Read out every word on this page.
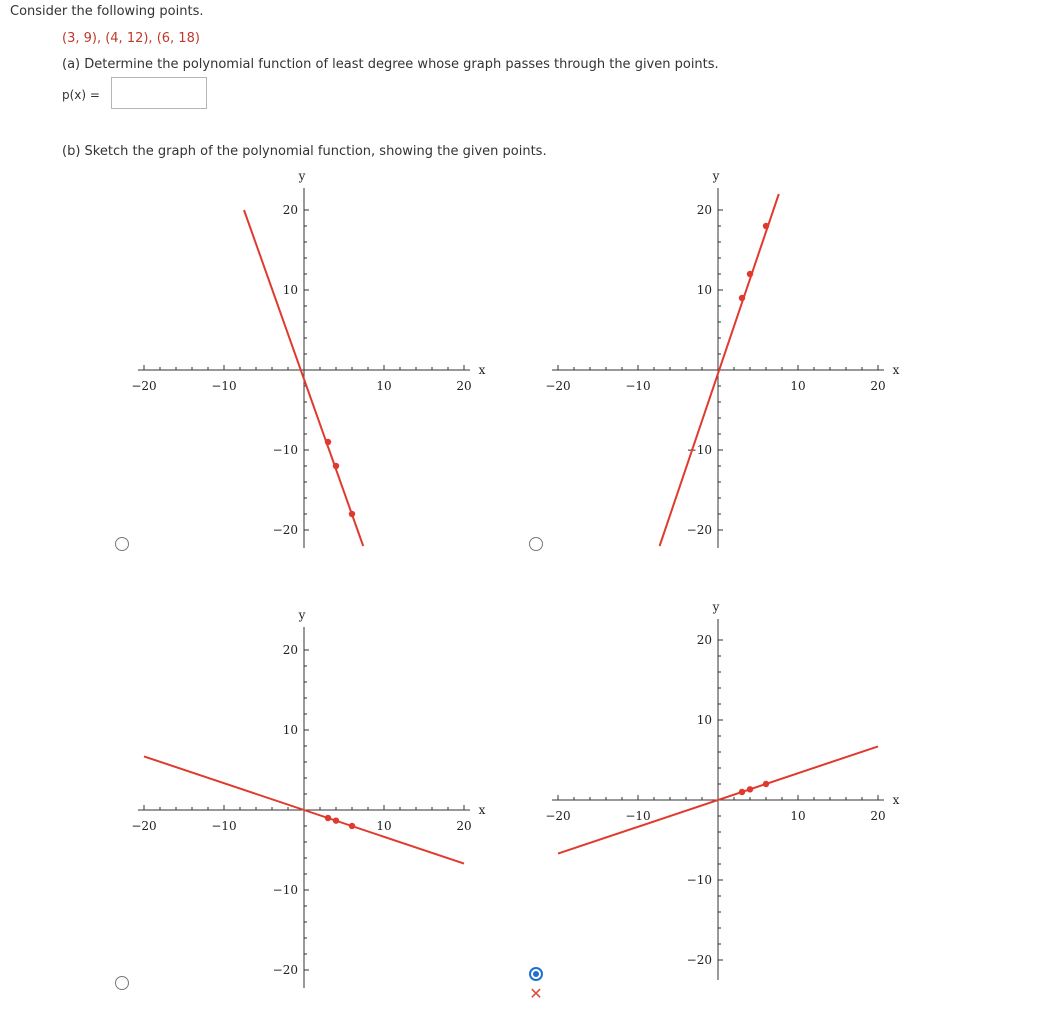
Consider the following points.
(3, 9), (4, 12), (6, 18)
(a) Determine the polynomial function of least degree whose graph passes through the given points.
p(x) =
(b) Sketch the graph of the polynomial function, showing the given points.
✕
−20	−10	10	20
20
10
−10
−20
x
y
−20	−10	10	20
20
10
−10
−20
x
y
−20	−10	10	20
20
10
−10
−20
x
y
−20	−10	10	20
20
10
−10
−20
x
y
